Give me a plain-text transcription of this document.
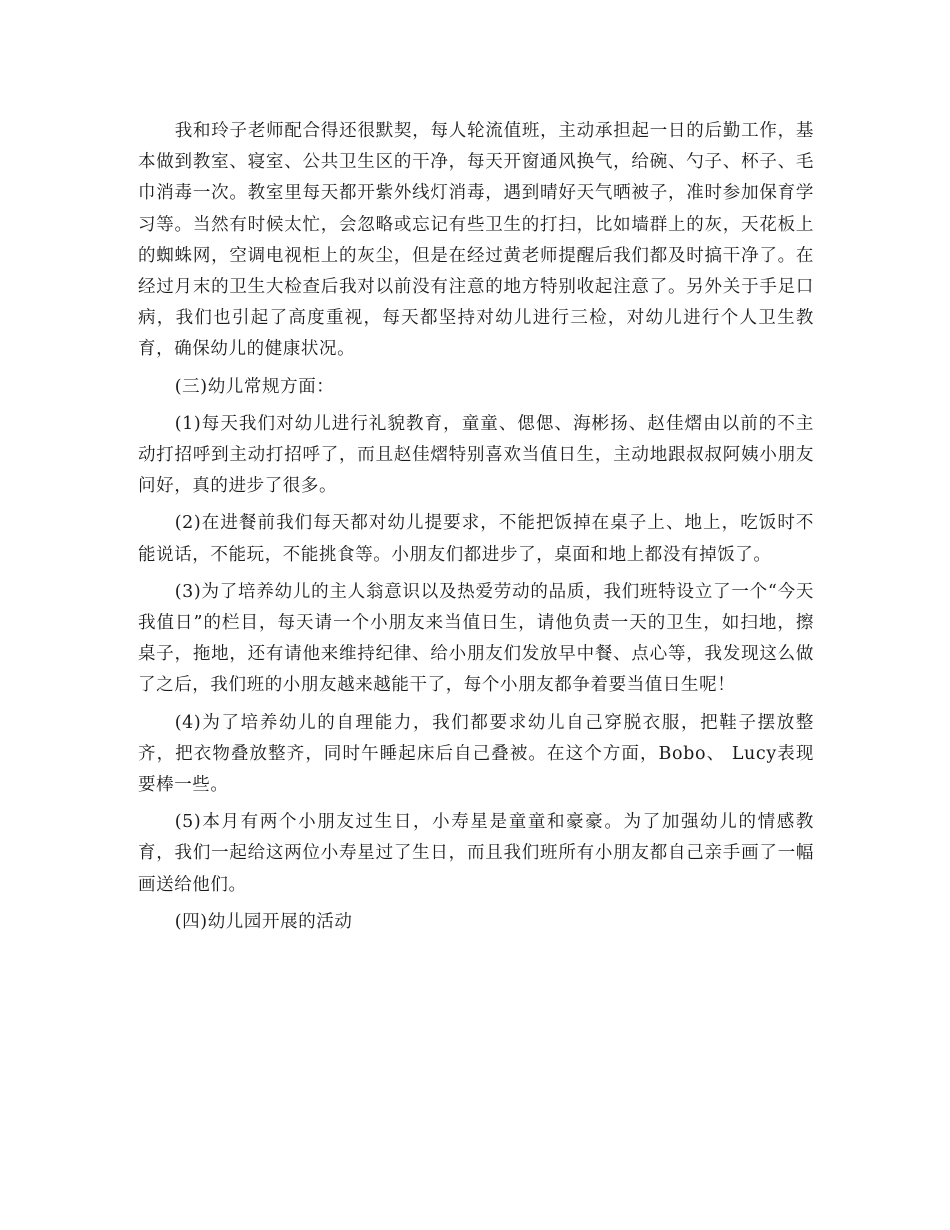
我和玲子老师配合得还很默契，每人轮流值班，主动承担起一日的后勤工作，基本做到教室、寝室、公共卫生区的干净，每天开窗通风换气，给碗、勺子、杯子、毛巾消毒一次。教室里每天都开紫外线灯消毒，遇到晴好天气晒被子，准时参加保育学习等。当然有时候太忙，会忽略或忘记有些卫生的打扫，比如墙群上的灰，天花板上的蜘蛛网，空调电视柜上的灰尘，但是在经过黄老师提醒后我们都及时搞干净了。在经过月末的卫生大检查后我对以前没有注意的地方特别收起注意了。另外关于手足口病，我们也引起了高度重视，每天都坚持对幼儿进行三检，对幼儿进行个人卫生教育，确保幼儿的健康状况。

(三)幼儿常规方面：

(1)每天我们对幼儿进行礼貌教育，童童、偲偲、海彬扬、赵佳熠由以前的不主动打招呼到主动打招呼了，而且赵佳熠特别喜欢当值日生，主动地跟叔叔阿姨小朋友问好，真的进步了很多。

(2)在进餐前我们每天都对幼儿提要求，不能把饭掉在桌子上、地上，吃饭时不能说话，不能玩，不能挑食等。小朋友们都进步了，桌面和地上都没有掉饭了。

(3)为了培养幼儿的主人翁意识以及热爱劳动的品质，我们班特设立了一个“今天我值日”的栏目，每天请一个小朋友来当值日生，请他负责一天的卫生，如扫地，擦桌子，拖地，还有请他来维持纪律、给小朋友们发放早中餐、点心等，我发现这么做了之后，我们班的小朋友越来越能干了，每个小朋友都争着要当值日生呢！

(4)为了培养幼儿的自理能力，我们都要求幼儿自己穿脱衣服，把鞋子摆放整齐，把衣物叠放整齐，同时午睡起床后自己叠被。在这个方面，Bobo、 Lucy表现要棒一些。

(5)本月有两个小朋友过生日，小寿星是童童和豪豪。为了加强幼儿的情感教育，我们一起给这两位小寿星过了生日，而且我们班所有小朋友都自己亲手画了一幅画送给他们。

(四)幼儿园开展的活动
